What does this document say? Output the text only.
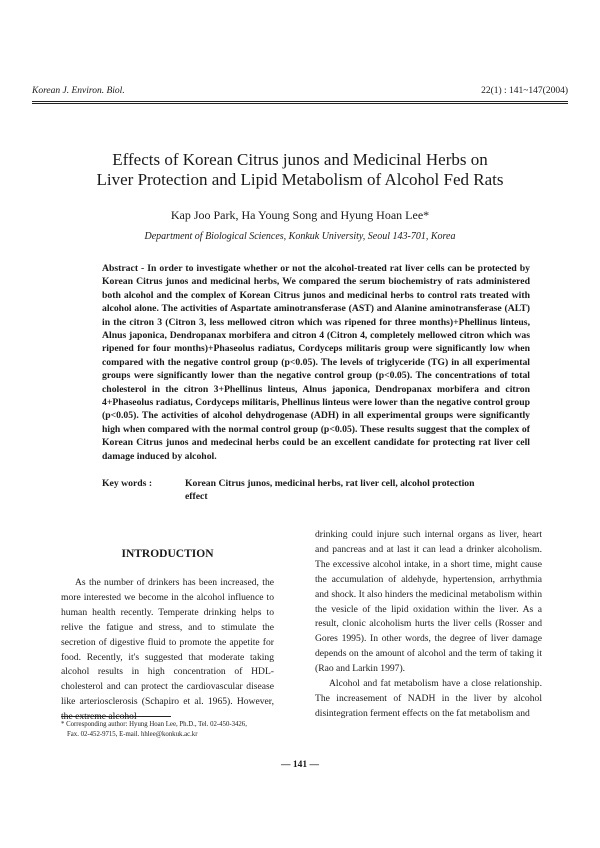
Korean J. Environ. Biol.	22(1) : 141~147(2004)
Effects of Korean Citrus junos and Medicinal Herbs on
Liver Protection and Lipid Metabolism of Alcohol Fed Rats
Kap Joo Park, Ha Young Song and Hyung Hoan Lee*
Department of Biological Sciences, Konkuk University, Seoul 143-701, Korea
Abstract - In order to investigate whether or not the alcohol-treated rat liver cells can be protected by Korean Citrus junos and medicinal herbs, We compared the serum biochemistry of rats administered both alcohol and the complex of Korean Citrus junos and medicinal herbs to control rats treated with alcohol alone. The activities of Aspartate aminotransferase (AST) and Alanine aminotransferase (ALT) in the citron 3 (Citron 3, less mellowed citron which was ripened for three months)+Phellinus linteus, Alnus japonica, Dendropanax morbifera and citron 4 (Citron 4, completely mellowed citron which was ripened for four months)+Phaseolus radiatus, Cordyceps militaris group were significantly low when compared with the negative control group (p<0.05). The levels of triglyceride (TG) in all experimental groups were significantly lower than the negative control group (p<0.05). The concentrations of total cholesterol in the citron 3+Phellinus linteus, Alnus japonica, Dendropanax morbifera and citron 4+Phaseolus radiatus, Cordyceps militaris, Phellinus linteus were lower than the negative control group (p<0.05). The activities of alcohol dehydrogenase (ADH) in all experimental groups were significantly high when compared with the normal control group (p<0.05). These results suggest that the complex of Korean Citrus junos and medecinal herbs could be an excellent candidate for protecting rat liver cell damage induced by alcohol.
Key words :	Korean Citrus junos, medicinal herbs, rat liver cell, alcohol protection
effect
INTRODUCTION

As the number of drinkers has been increased, the more interested we become in the alcohol influence to human health recently. Temperate drinking helps to relive the fatigue and stress, and to stimulate the secretion of digestive fluid to promote the appetite for food. Recently, it's suggested that moderate taking alcohol results in high concentration of HDL-cholesterol and can protect the cardiovascular disease like arteriosclerosis (Schapiro et al. 1965). However, the extreme alcohol

drinking could injure such internal organs as liver, heart and pancreas and at last it can lead a drinker alcoholism. The excessive alcohol intake, in a short time, might cause the accumulation of aldehyde, hypertension, arrhythmia and shock. It also hinders the medicinal metabolism within the vesicle of the lipid oxidation within the liver. As a result, clonic alcoholism hurts the liver cells (Rosser and Gores 1995). In other words, the degree of liver damage depends on the amount of alcohol and the term of taking it (Rao and Larkin 1997).

Alcohol and fat metabolism have a close relationship. The increasement of NADH in the liver by alcohol disintegration ferment effects on the fat metabolism and

* Corresponding author: Hyung Hoan Lee, Ph.D., Tel. 02-450-3426,
Fax. 02-452-9715, E-mail. hhlee@konkuk.ac.kr
— 141 —
